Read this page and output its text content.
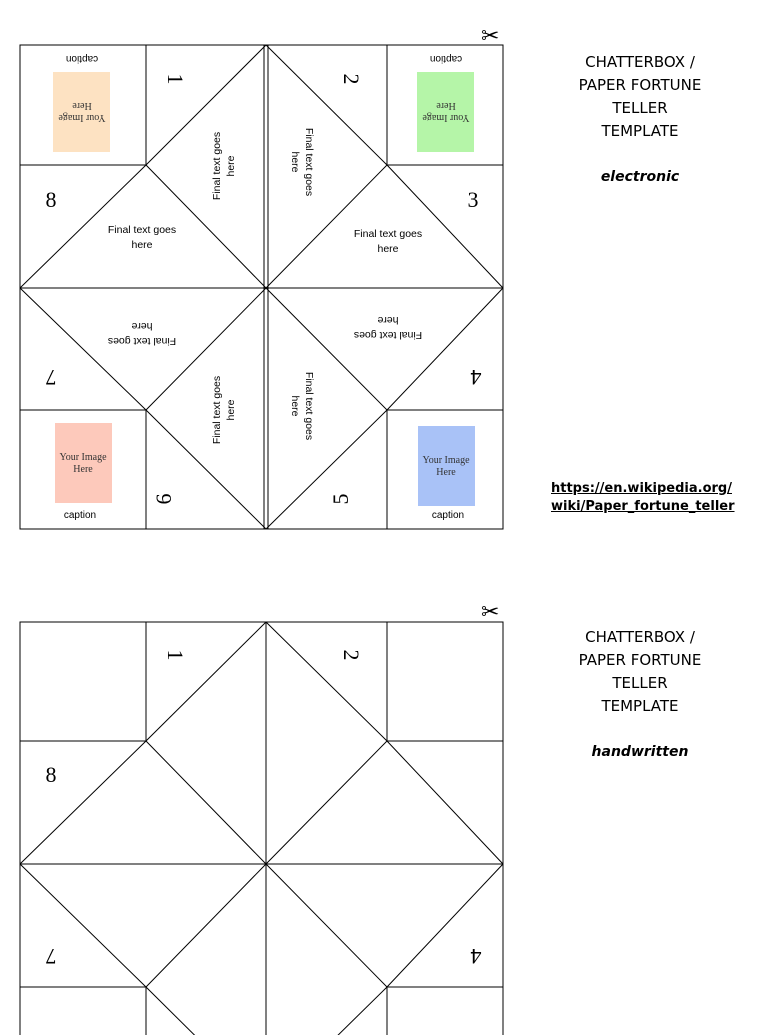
1	2
3
4
5
6
7
8	Final text goes here	Final text goes
here
Final text goes
here
Final text goes
here
Final text goes
here
Final text goes
here
Final text goes here	Final text goes
here
Your Image
Here
caption
Your Image
Here
caption
Your Image
Here
caption
Your Image
Here
caption
✂
CHATTERBOX /
PAPER FORTUNE
TELLER
TEMPLATE
electronic
https://en.wikipedia.org/
wiki/Paper_fortune_teller
1	2
8
7	4
✂
CHATTERBOX /
PAPER FORTUNE
TELLER
TEMPLATE
handwritten
